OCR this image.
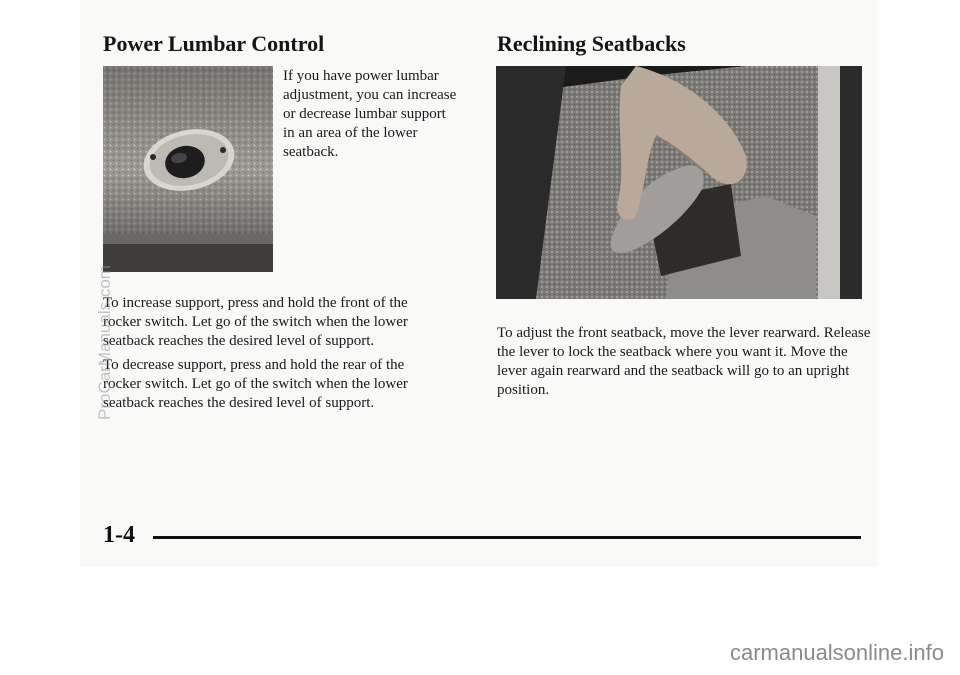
Power Lumbar Control

If you have power lumbar adjustment, you can increase or decrease lumbar support in an area of the lower seatback.

To increase support, press and hold the front of the rocker switch. Let go of the switch when the lower seatback reaches the desired level of support.

To decrease support, press and hold the rear of the rocker switch. Let go of the switch when the lower seatback reaches the desired level of support.

Reclining Seatbacks

To adjust the front seatback, move the lever rearward. Release the lever to lock the seatback where you want it. Move the lever again rearward and the seatback will go to an upright position.

1-4

ProCarManuals.com
carmanualsonline.info
